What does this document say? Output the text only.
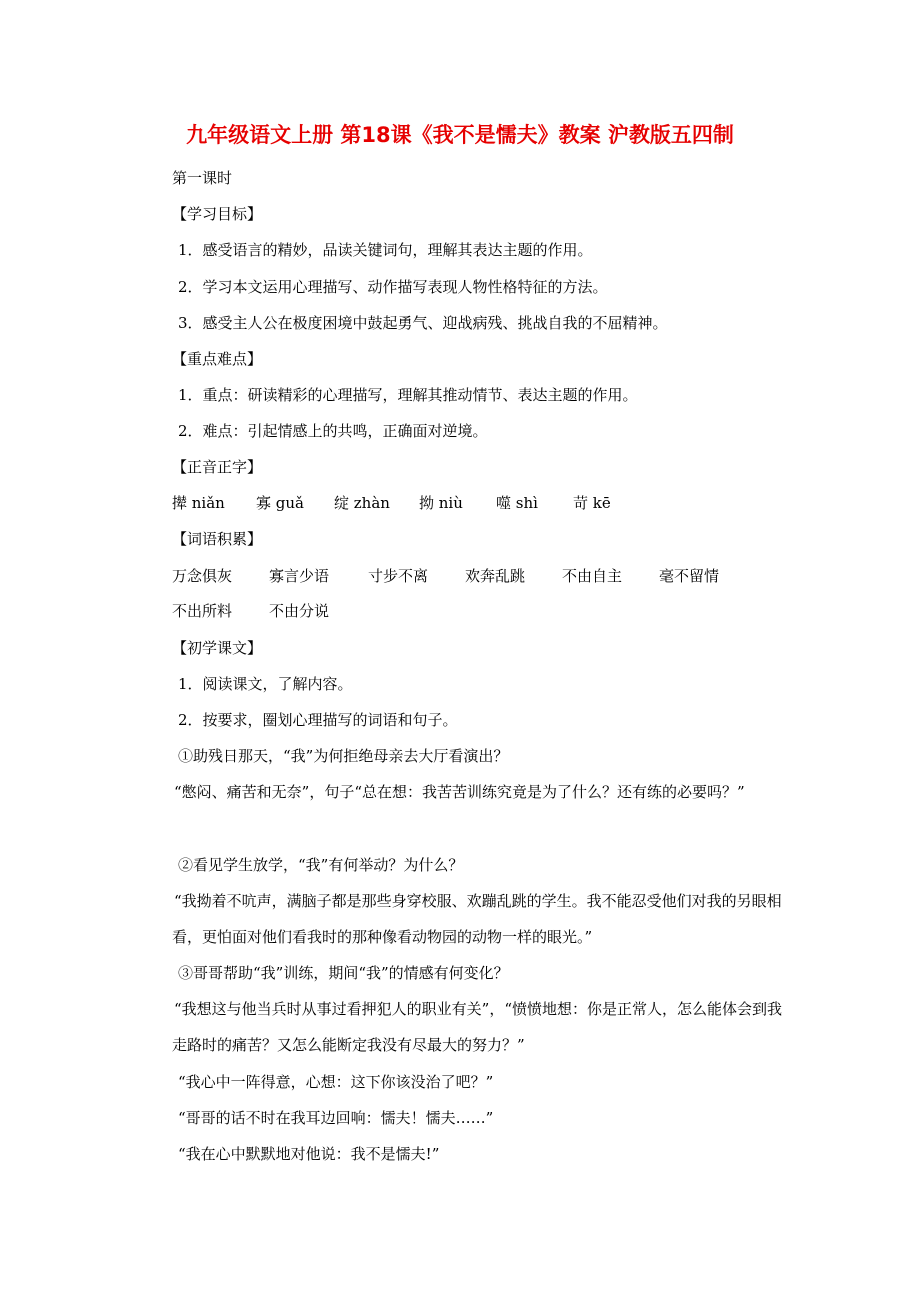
九年级语文上册 第18课《我不是懦夫》教案 沪教版五四制
第一课时
【学习目标】
1．感受语言的精妙，品读关键词句，理解其表达主题的作用。
2．学习本文运用心理描写、动作描写表现人物性格特征的方法。
3．感受主人公在极度困境中鼓起勇气、迎战病残、挑战自我的不屈精神。
【重点难点】
1．重点：研读精彩的心理描写，理解其推动情节、表达主题的作用。
2．难点：引起情感上的共鸣，正确面对逆境。
【正音正字】
撵 niǎn 寡 guǎ 绽 zhàn 拗 niù 噬 shì 苛 kē
【词语积累】
万念俱灰 寡言少语	寸步不离 欢奔乱跳 不由自主 毫不留情
不出所料 不由分说
【初学课文】
1．阅读课文，了解内容。
2．按要求，圈划心理描写的词语和句子。
①助残日那天，“我”为何拒绝母亲去大厅看演出？
“憋闷、痛苦和无奈”，句子“总在想：我苦苦训练究竟是为了什么？还有练的必要吗？”
②看见学生放学，“我”有何举动？为什么？
“我拗着不吭声，满脑子都是那些身穿校服、欢蹦乱跳的学生。我不能忍受他们对我的另眼相看，更怕面对他们看我时的那种像看动物园的动物一样的眼光。”
③哥哥帮助“我”训练，期间“我”的情感有何变化？
“我想这与他当兵时从事过看押犯人的职业有关”，“愤愤地想：你是正常人，怎么能体会到我走路时的痛苦？又怎么能断定我没有尽最大的努力？”
“我心中一阵得意，心想：这下你该没治了吧？”
“哥哥的话不时在我耳边回响：懦夫！懦夫……”
“我在心中默默地对他说：我不是懦夫!”
